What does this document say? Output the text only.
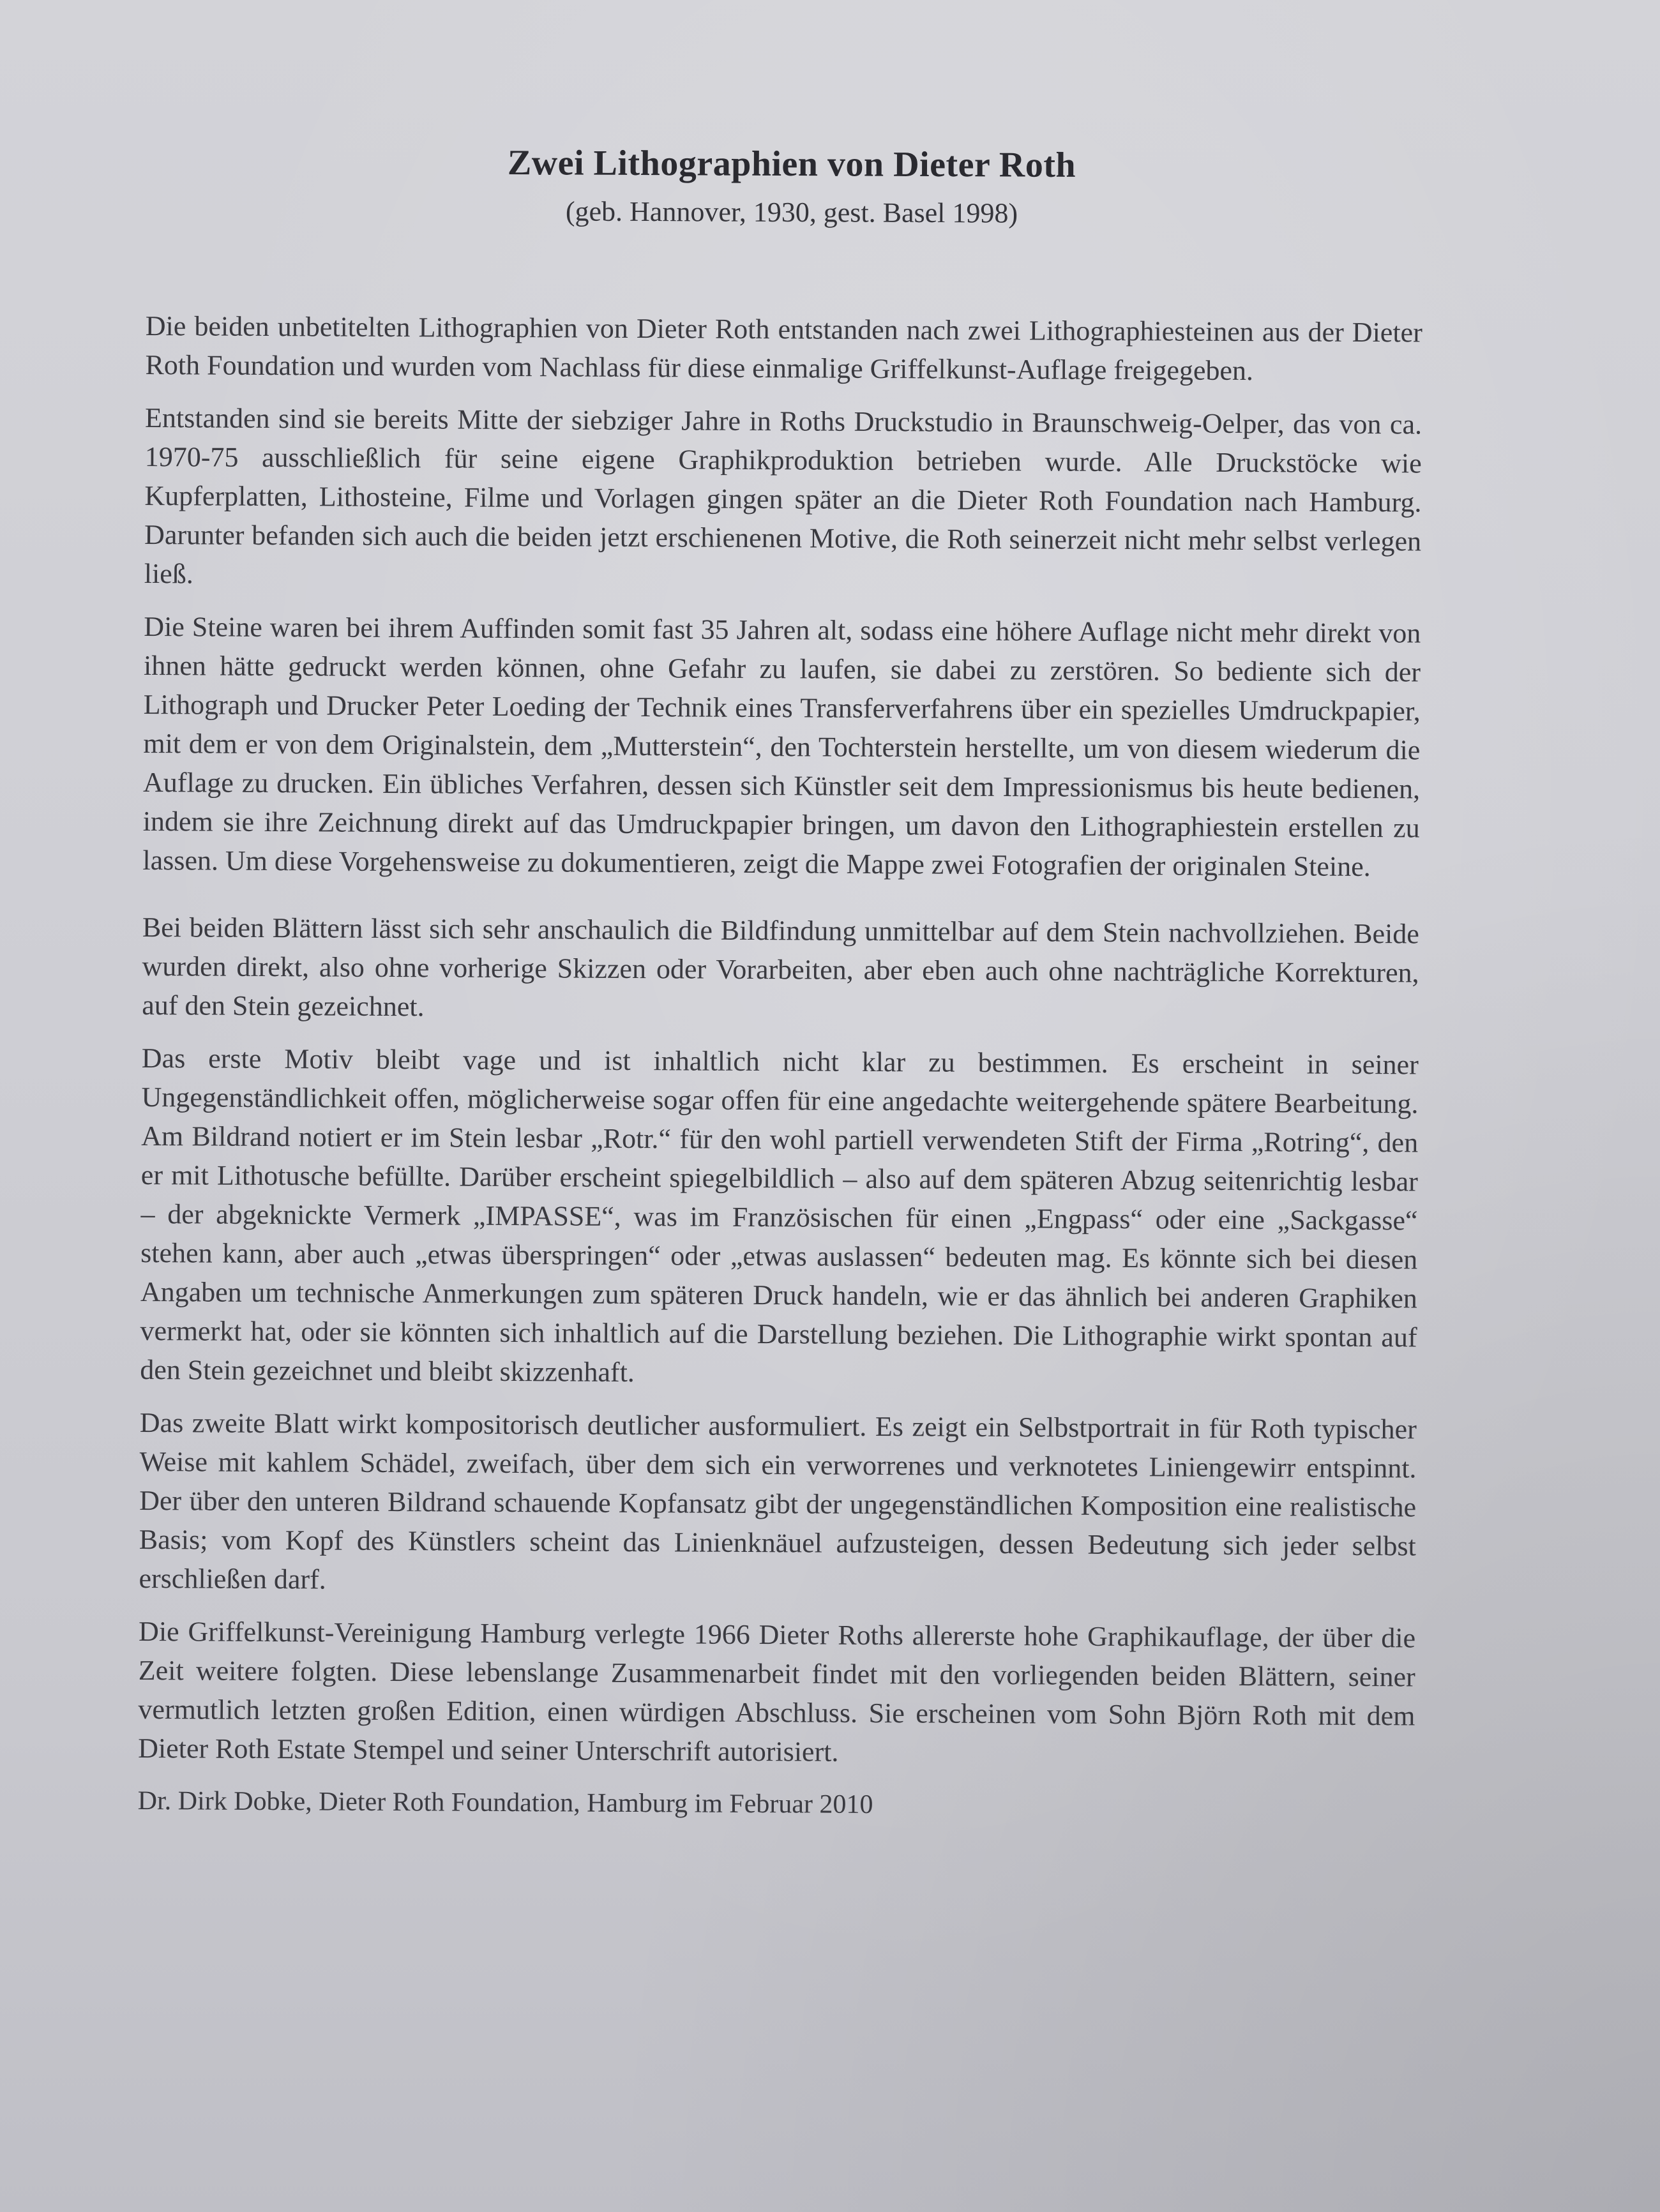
Zwei Lithographien von Dieter Roth
(geb. Hannover, 1930, gest. Basel 1998)

Die beiden unbetitelten Lithographien von Dieter Roth entstanden nach zwei Lithographiesteinen aus der Dieter Roth Foundation und wurden vom Nachlass für diese einmalige Griffelkunst-Auflage freigegeben.

Entstanden sind sie bereits Mitte der siebziger Jahre in Roths Druckstudio in Braunschweig-Oelper, das von ca. 1970-75 ausschließlich für seine eigene Graphikproduktion betrieben wurde. Alle Druckstöcke wie Kupferplatten, Lithosteine, Filme und Vorlagen gingen später an die Dieter Roth Foundation nach Hamburg. Darunter befanden sich auch die beiden jetzt erschienenen Motive, die Roth seinerzeit nicht mehr selbst verlegen ließ.

Die Steine waren bei ihrem Auffinden somit fast 35 Jahren alt, sodass eine höhere Auflage nicht mehr direkt von ihnen hätte gedruckt werden können, ohne Gefahr zu laufen, sie dabei zu zerstören. So bediente sich der Lithograph und Drucker Peter Loeding der Technik eines Transferverfahrens über ein spezielles Umdruckpapier, mit dem er von dem Originalstein, dem „Mutterstein“, den Tochterstein herstellte, um von diesem wiederum die Auflage zu drucken. Ein übliches Verfahren, dessen sich Künstler seit dem Impressionismus bis heute bedienen, indem sie ihre Zeichnung direkt auf das Umdruckpapier bringen, um davon den Lithographiestein erstellen zu lassen. Um diese Vorgehensweise zu dokumentieren, zeigt die Mappe zwei Fotografien der originalen Steine.

Bei beiden Blättern lässt sich sehr anschaulich die Bildfindung unmittelbar auf dem Stein nachvollziehen. Beide wurden direkt, also ohne vorherige Skizzen oder Vorarbeiten, aber eben auch ohne nachträgliche Korrekturen, auf den Stein gezeichnet.

Das erste Motiv bleibt vage und ist inhaltlich nicht klar zu bestimmen. Es erscheint in seiner Ungegenständlichkeit offen, möglicherweise sogar offen für eine angedachte weitergehende spätere Bearbeitung. Am Bildrand notiert er im Stein lesbar „Rotr.“ für den wohl partiell verwendeten Stift der Firma „Rotring“, den er mit Lithotusche befüllte. Darüber erscheint spiegelbildlich – also auf dem späteren Abzug seitenrichtig lesbar – der abgeknickte Vermerk „IMPASSE“, was im Französischen für einen „Engpass“ oder eine „Sackgasse“ stehen kann, aber auch „etwas überspringen“ oder „etwas auslassen“ bedeuten mag. Es könnte sich bei diesen Angaben um technische Anmerkungen zum späteren Druck handeln, wie er das ähnlich bei anderen Graphiken vermerkt hat, oder sie könnten sich inhaltlich auf die Darstellung beziehen. Die Lithographie wirkt spontan auf den Stein gezeichnet und bleibt skizzenhaft.

Das zweite Blatt wirkt kompositorisch deutlicher ausformuliert. Es zeigt ein Selbstportrait in für Roth typischer Weise mit kahlem Schädel, zweifach, über dem sich ein verworrenes und verknotetes Liniengewirr entspinnt. Der über den unteren Bildrand schauende Kopfansatz gibt der ungegenständlichen Komposition eine realistische Basis; vom Kopf des Künstlers scheint das Linienknäuel aufzusteigen, dessen Bedeutung sich jeder selbst erschließen darf.

Die Griffelkunst-Vereinigung Hamburg verlegte 1966 Dieter Roths allererste hohe Graphikauflage, der über die Zeit weitere folgten. Diese lebenslange Zusammenarbeit findet mit den vorliegenden beiden Blättern, seiner vermutlich letzten großen Edition, einen würdigen Abschluss. Sie erscheinen vom Sohn Björn Roth mit dem Dieter Roth Estate Stempel und seiner Unterschrift autorisiert.

Dr. Dirk Dobke, Dieter Roth Foundation, Hamburg im Februar 2010
